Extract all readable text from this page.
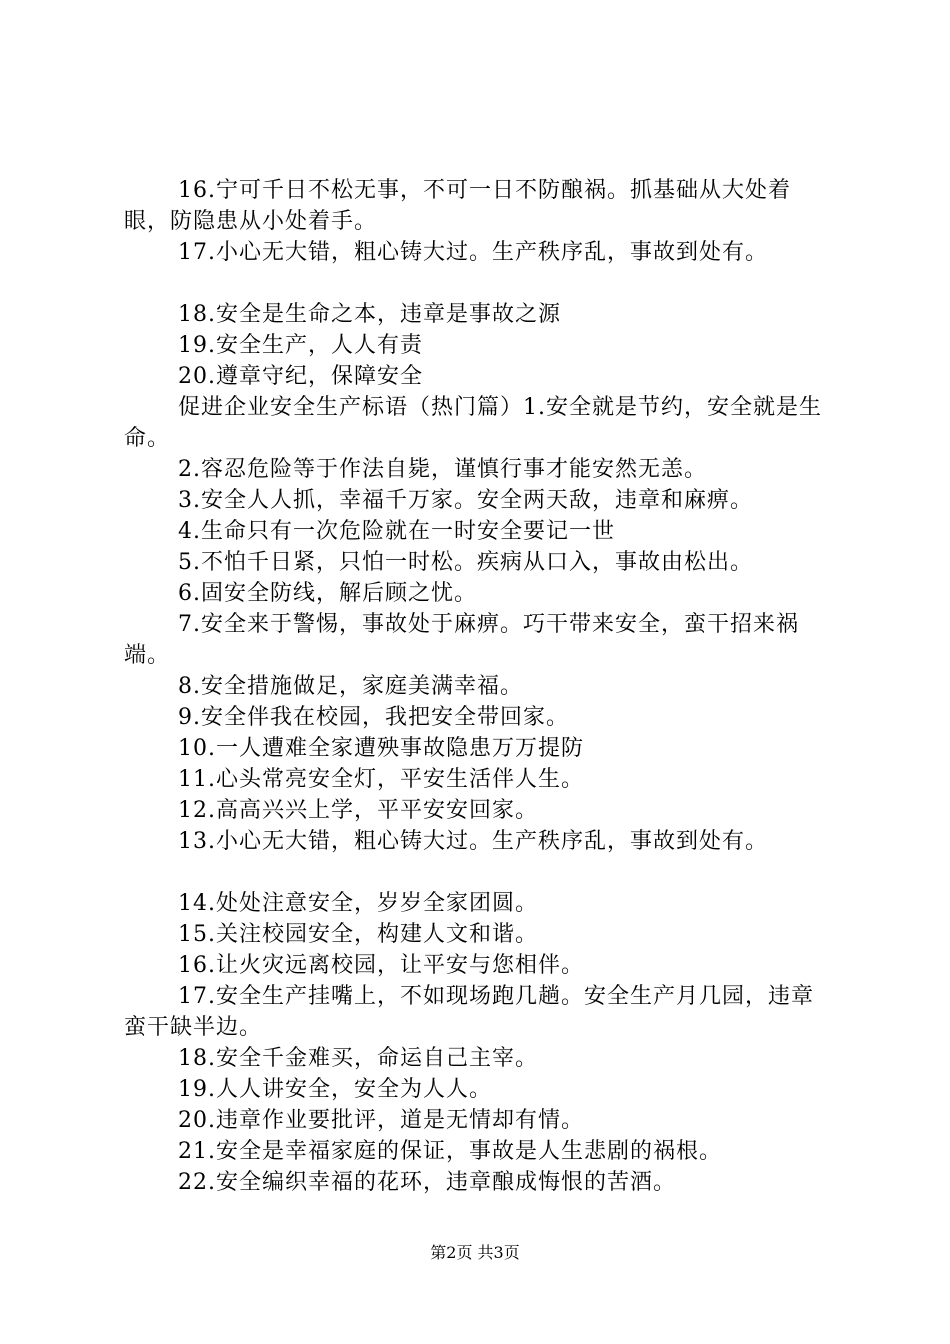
16.宁可千日不松无事，不可一日不防酿祸。抓基础从大处着眼，防隐患从小处着手。

17.小心无大错，粗心铸大过。生产秩序乱，事故到处有。

18.安全是生命之本，违章是事故之源

19.安全生产，人人有责

20.遵章守纪，保障安全

促进企业安全生产标语（热门篇）1.安全就是节约，安全就是生命。

2.容忍危险等于作法自毙，谨慎行事才能安然无恙。

3.安全人人抓，幸福千万家。安全两天敌，违章和麻痹。

4.生命只有一次危险就在一时安全要记一世

5.不怕千日紧，只怕一时松。疾病从口入，事故由松出。

6.固安全防线，解后顾之忧。

7.安全来于警惕，事故处于麻痹。巧干带来安全，蛮干招来祸端。

8.安全措施做足，家庭美满幸福。

9.安全伴我在校园，我把安全带回家。

10.一人遭难全家遭殃事故隐患万万提防

11.心头常亮安全灯，平安生活伴人生。

12.高高兴兴上学，平平安安回家。

13.小心无大错，粗心铸大过。生产秩序乱，事故到处有。

14.处处注意安全，岁岁全家团圆。

15.关注校园安全，构建人文和谐。

16.让火灾远离校园，让平安与您相伴。

17.安全生产挂嘴上，不如现场跑几趟。安全生产月几园，违章蛮干缺半边。

18.安全千金难买，命运自己主宰。

19.人人讲安全，安全为人人。

20.违章作业要批评，道是无情却有情。

21.安全是幸福家庭的保证，事故是人生悲剧的祸根。

22.安全编织幸福的花环，违章酿成悔恨的苦酒。

第2页 共3页
